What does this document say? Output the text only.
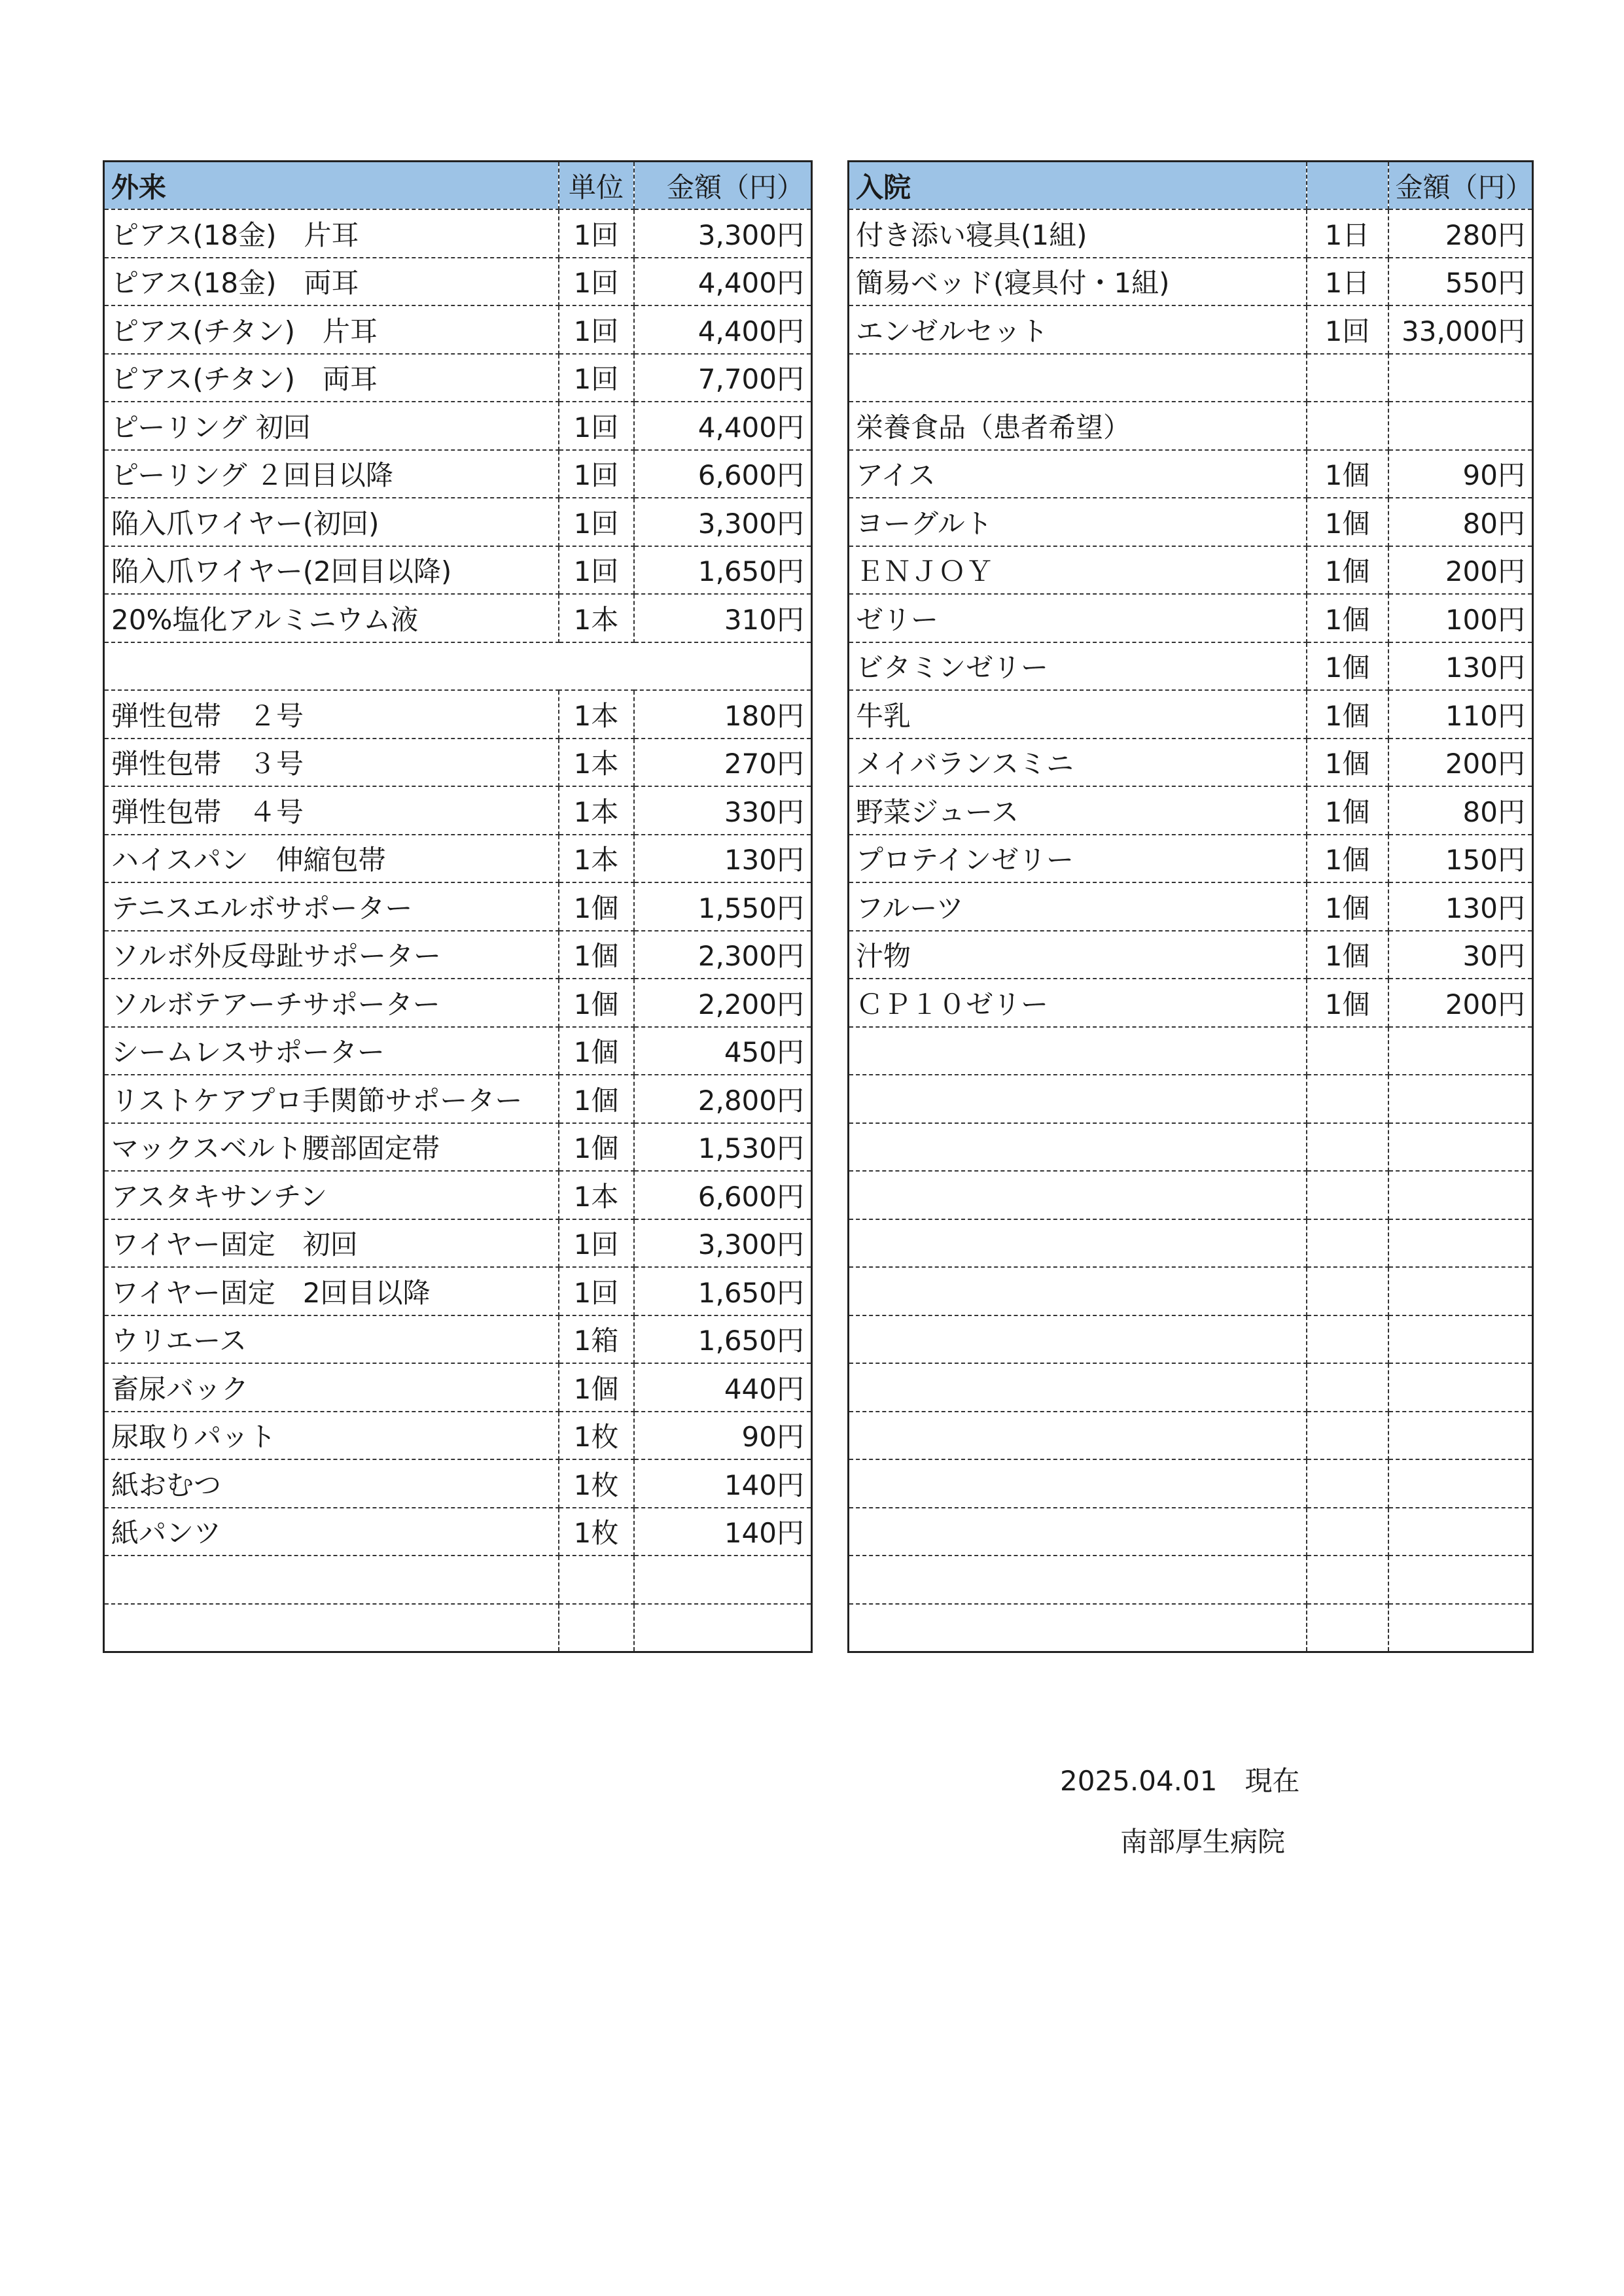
外来	単位	金額（円）
ピアス(18金)　片耳	1回	3,300円
ピアス(18金)　両耳	1回	4,400円
ピアス(チタン)　片耳	1回	4,400円
ピアス(チタン)　両耳	1回	7,700円
ピーリング 初回	1回	4,400円
ピーリング ２回目以降	1回	6,600円
陥入爪ワイヤー(初回)	1回	3,300円
陥入爪ワイヤー(2回目以降)	1回	1,650円
20%塩化アルミニウム液	1本	310円

弾性包帯　２号	1本	180円
弾性包帯　３号	1本	270円
弾性包帯　４号	1本	330円
ハイスパン　伸縮包帯	1本	130円
テニスエルボサポーター	1個	1,550円
ソルボ外反母趾サポーター	1個	2,300円
ソルボテアーチサポーター	1個	2,200円
シームレスサポーター	1個	450円
リストケアプロ手関節サポーター	1個	2,800円
マックスベルト腰部固定帯	1個	1,530円
アスタキサンチン	1本	6,600円
ワイヤー固定　初回	1回	3,300円
ワイヤー固定　2回目以降	1回	1,650円
ウリエース	1箱	1,650円
畜尿バック	1個	440円
尿取りパット	1枚	90円
紙おむつ	1枚	140円
紙パンツ	1枚	140円

入院		金額（円）
付き添い寝具(1組)	1日	280円
簡易ベッド(寝具付・1組)	1日	550円
エンゼルセット	1回	33,000円

栄養食品（患者希望）		
アイス	1個	90円
ヨーグルト	1個	80円
ＥＮＪＯＹ	1個	200円
ゼリー	1個	100円
ビタミンゼリー	1個	130円
牛乳	1個	110円
メイバランスミニ	1個	200円
野菜ジュース	1個	80円
プロテインゼリー	1個	150円
フルーツ	1個	130円
汁物	1個	30円
ＣＰ１０ゼリー	1個	200円

2025.04.01　現在
南部厚生病院
